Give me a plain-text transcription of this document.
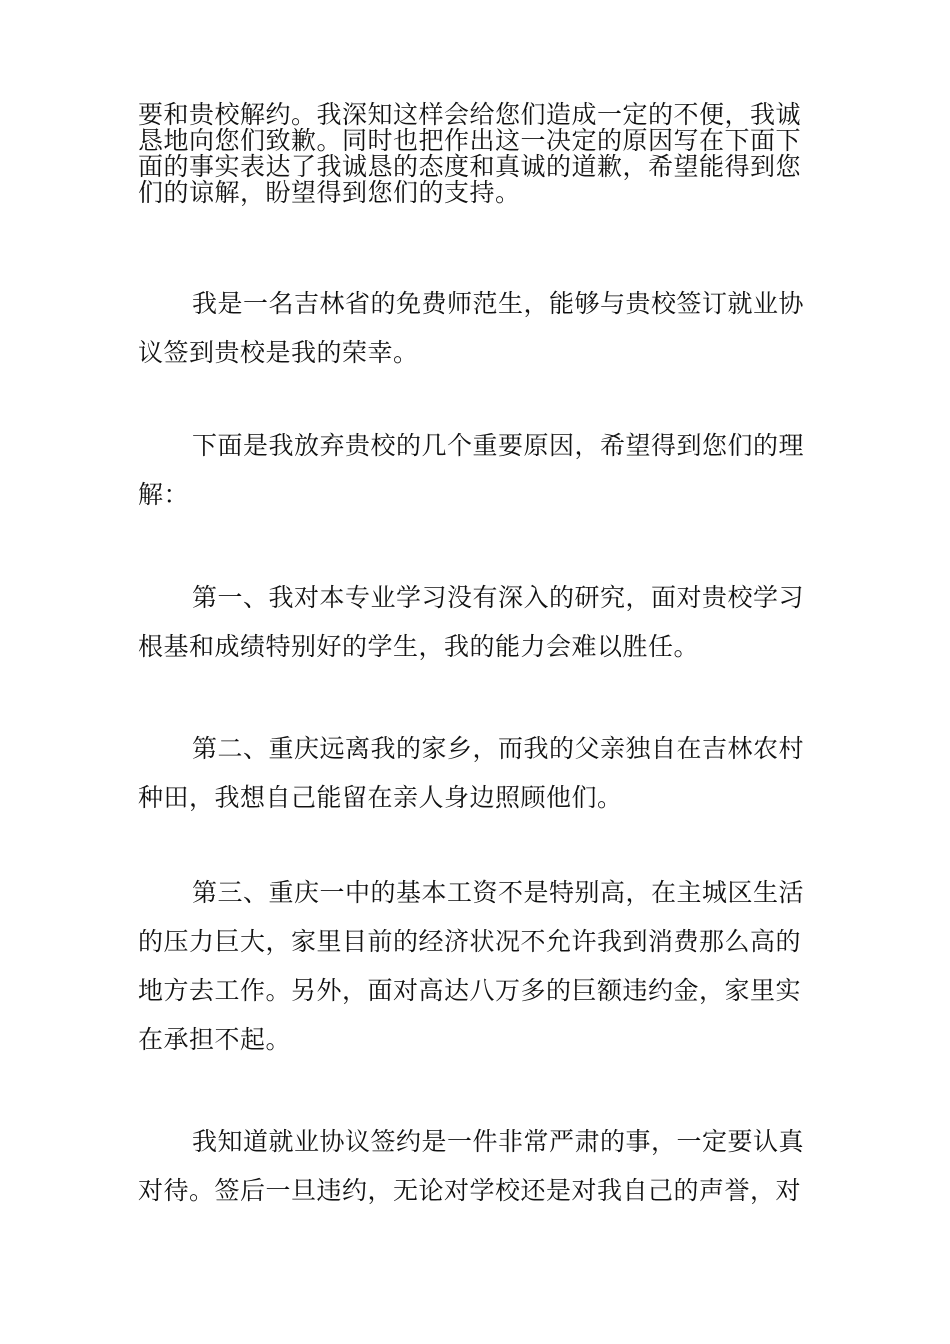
要和贵校解约。我深知这样会给您们造成一定的不便，我诚
恳地向您们致歉。同时也把作出这一决定的原因写在下面下
面的事实表达了我诚恳的态度和真诚的道歉，希望能得到您
们的谅解，盼望得到您们的支持。
我是一名吉林省的免费师范生，能够与贵校签订就业协
议签到贵校是我的荣幸。
下面是我放弃贵校的几个重要原因，希望得到您们的理
解：
第一、我对本专业学习没有深入的研究，面对贵校学习
根基和成绩特别好的学生，我的能力会难以胜任。
第二、重庆远离我的家乡，而我的父亲独自在吉林农村
种田，我想自己能留在亲人身边照顾他们。
第三、重庆一中的基本工资不是特别高，在主城区生活
的压力巨大，家里目前的经济状况不允许我到消费那么高的
地方去工作。另外，面对高达八万多的巨额违约金，家里实
在承担不起。
我知道就业协议签约是一件非常严肃的事，一定要认真
对待。签后一旦违约，无论对学校还是对我自己的声誉，对
